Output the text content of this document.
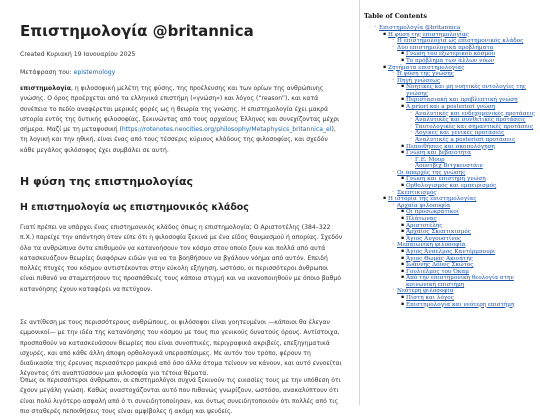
Επιστημολογία @britannica
Created Κυριακή 19 Ιανουαρίου 2025
Μετάφραση του: epistemology

επιστημολογία, η φιλοσοφική μελέτη της φύσης, της προέλευσης και των ορίων της ανθρώπινης γνώσης. Ο όρος προέρχεται από τα ελληνικά επιστήμη («γνώση») και λόγος (“reason”), και κατά συνέπεια το πεδίο αναφέρεται μερικές φορές ως η θεωρία της γνώσης. Η επιστημολογία έχει μακρά ιστορία εντός της δυτικής φιλοσοφίας, ξεκινώντας από τους αρχαίους Έλληνες και συνεχίζοντας μέχρι σήμερα. Μαζί με τη μεταφυσική (https://rotenotes.neocities.org/philosophy/Metaphysics_britannica_el), τη λογική και την ηθική, είναι ένας από τους τέσσερις κύριους κλάδους της φιλοσοφίας, και σχεδόν κάθε μεγάλος φιλόσοφος έχει συμβάλει σε αυτή.

Η φύση της επιστημολογίας
Η επιστημολογία ως επιστημονικός κλάδος

Γιατί πρέπει να υπάρχει ένας επιστημονικός κλάδος όπως η επιστημολογία; Ο Αριστοτέλης (384–322 π.Χ.) παρείχε την απάντηση όταν είπε ότι η φιλοσοφία ξεκινά με ένα είδος θαυμασμού ή απορίας. Σχεδόν όλα τα ανθρώπινα όντα επιθυμούν να κατανοήσουν τον κόσμο στον οποίο ζουν και πολλά από αυτά κατασκευάζουν θεωρίες διαφόρων ειδών για να τα βοηθήσουν να βγάλουν νόημα από αυτόν. Επειδή πολλές πτυχές του κόσμου αντιστέκονται στην εύκολη εξήγηση, ωστόσο, οι περισσότεροι άνθρωποι είναι πιθανό να σταματήσουν τις προσπάθειές τους κάποια στιγμή και να ικανοποιηθούν με όποιο βαθμό κατανόησης έχουν καταφέρει να πετύχουν.

Σε αντίθεση με τους περισσότερους ανθρώπους, οι φιλόσοφοι είναι γοητευμένοι —κάποιοι θα έλεγαν εμμονικοί— με την ιδέα της κατανόησης του κόσμου με τους πιο γενικούς δυνατούς όρους. Αντίστοιχα, προσπαθούν να κατασκευάσουν θεωρίες που είναι συνοπτικές, περιγραφικά ακριβείς, επεξηγηματικά ισχυρές, και από κάθε άλλη άποψη ορθολογικά υπερασπίσιμες. Με αυτόν τον τρόπο, φέρουν τη διαδικασία της έρευνας περισσότερο μακριά από όσο άλλα άτομα τείνουν να κάνουν, και αυτό εννοείται λέγοντας ότι αναπτύσσουν μια φιλοσοφία για τέτοια θέματα.

Όπως οι περισσότεροι άνθρωποι, οι επιστημολόγοι συχνά ξεκινούν τις εικασίες τους με την υπόθεση ότι έχουν μεγάλη γνώση. Καθώς αναστοχάζονται αυτό που πιθανώς γνωρίζουν, ωστόσο, ανακαλύπτουν ότι είναι πολύ λιγότερο ασφαλή από ό τι συνειδητοποίησαν, και όντως συνειδητοποιούν ότι πολλές από τις πιο σταθερές πεποιθήσεις τους είναι αμφίβολες ή ακόμη και ψευδείς.

Table of Contents
◦ Επιστημολογία @britannica
▪ Η φύση της επιστημολογίας
◦ Η επιστημολογία ως επιστημονικός κλάδος
◦ Δύο επιστημολογικά προβλήματα
▪ Γνώση του εξωτερικού κόσμου
▪ Το πρόβλημα των άλλων νόων
▪ Ζητήματα επιστημολογίας
◦ Η φύση της γνώσης
◦ Πηγή γνώσεως
▪ Νοητικές και μη νοητικές οντολογίες της γνώσης
▪ Περιστασιακή και προβλεπτική γνώση
▪ A priori και a posteriori γνώση
◦ Αναλυτικές και ενδεχομενικές προτάσεις
◦ Αναλυτικές και συνθετικές προτάσεις
◦ Ταυτολογικές και σημαντικές προτάσεις
◦ Λογικές και γενικές προτάσεις
◦ Αναλυτικές a posteriori προτάσεις
▪ Πεποιθήσεις και σκοπολόγηση
▪ Γνώση και βεβαιότητα
◦ Γ.Ε. Μουρ
◦ Λούντβιχ Βιτγκενστάιν
◦ Οι απαρχές της γνώσης
▪ Γνώση και επιστήμη γνώση
▪ Ορθολογισμός και εμπειρισμός
◦ Σκεπτικισμός
▪ Η ιστορία της επιστημολογίας
◦ Αρχαία φιλοσοφία
▪ Οι προσωκρατικοί
▪ Πλάτωνας
▪ Αριστοτέλης
▪ Αρχαίος Σκεπτικισμός
▪ Άγιος Αυγουστίνος
◦ Μεσαιωνική φιλοσοφία
▪ Άγιος Άνσελμος Καντέρμπουρι
▪ Άγιος Θωμάς Ακινάτης
▪ Ιωάννης Δούνς Σκώτος
▪ Γουλιέλμος του Όκαμ
▪ Από την επιστημονική θεολογία στην κοινωνική επιστήμη
◦ Νεότερη φιλοσοφία
▪ Πίστη και λόγος
▪ Επιστημολογία και νεότερη επιστήμη
